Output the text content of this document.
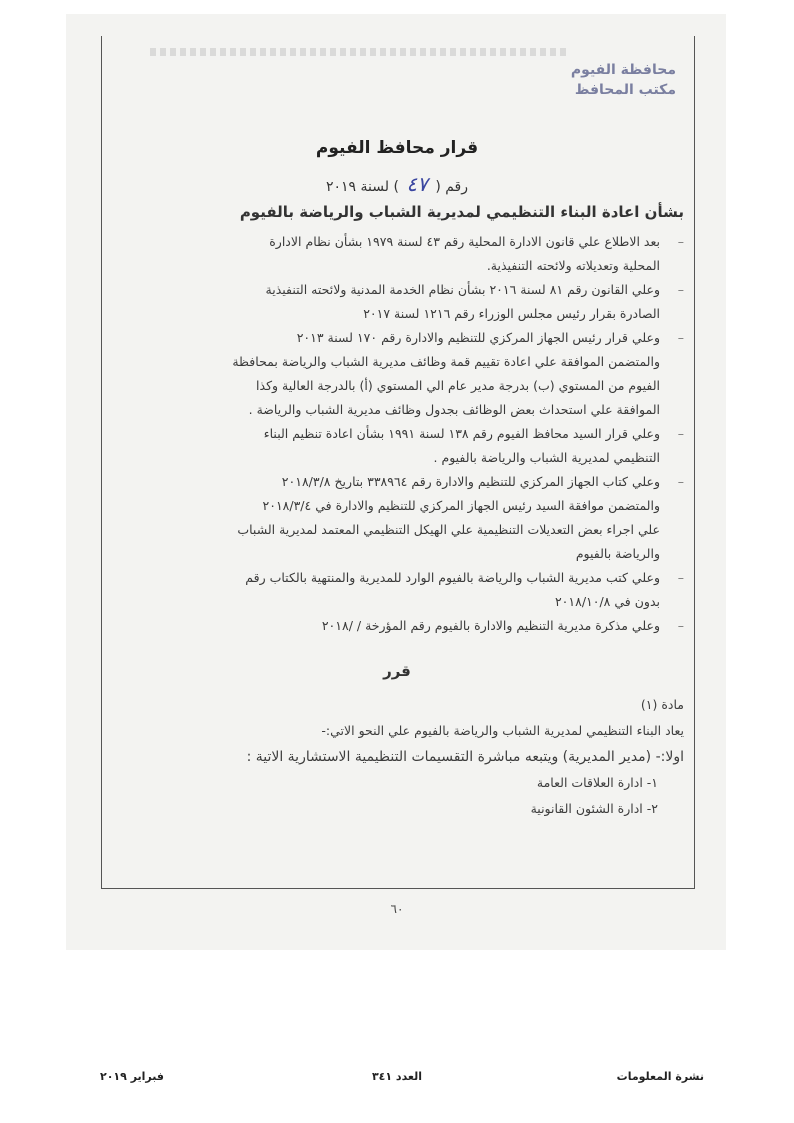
محافظة الفيوم
مكتب المحافظ
قرار محافظ الفيوم
رقم ( ٤٧ ) لسنة ٢٠١٩
بشأن اعادة البناء التنظيمي لمديرية الشباب والرياضة بالفيوم
– بعد الاطلاع علي قانون الادارة المحلية رقم ٤٣ لسنة ١٩٧٩ بشأن نظام الادارة
المحلية وتعديلاته ولائحته التنفيذية.
– وعلي القانون رقم ٨١ لسنة ٢٠١٦ بشأن نظام الخدمة المدنية ولائحته التنفيذية
الصادرة بقرار رئيس مجلس الوزراء رقم ١٢١٦ لسنة ٢٠١٧
– وعلي قرار رئيس الجهاز المركزي للتنظيم والادارة رقم ١٧٠ لسنة ٢٠١٣
والمتضمن الموافقة علي اعادة تقييم قمة وظائف مديرية الشباب والرياضة بمحافظة
الفيوم من المستوي (ب) بدرجة مدير عام الي المستوي (أ) بالدرجة العالية وكذا
الموافقة علي استحداث بعض الوظائف بجدول وظائف مديرية الشباب والرياضة .
– وعلي قرار السيد محافظ الفيوم رقم ١٣٨ لسنة ١٩٩١ بشأن اعادة تنظيم البناء
التنظيمي لمديرية الشباب والرياضة بالفيوم .
– وعلي كتاب الجهاز المركزي للتنظيم والادارة رقم ٣٣٨٩٦٤ بتاريخ ٢٠١٨/٣/٨
والمتضمن موافقة السيد رئيس الجهاز المركزي للتنظيم والادارة في ٢٠١٨/٣/٤
علي اجراء بعض التعديلات التنظيمية علي الهيكل التنظيمي المعتمد لمديرية الشباب
والرياضة بالفيوم
– وعلي كتب مديرية الشباب والرياضة بالفيوم الوارد للمديرية والمنتهية بالكتاب رقم
بدون في ٢٠١٨/١٠/٨
– وعلي مذكرة مديرية التنظيم والادارة بالفيوم رقم المؤرخة / /٢٠١٨
قرر
مادة (١)
يعاد البناء التنظيمي لمديرية الشباب والرياضة بالفيوم علي النحو الاتي:-
اولا:- (مدير المديرية) ويتبعه مباشرة التقسيمات التنظيمية الاستشارية الاتية :
١- ادارة العلاقات العامة
٢- ادارة الشئون القانونية
٦٠
نشرة المعلومات
العدد ٣٤١
فبراير ٢٠١٩
